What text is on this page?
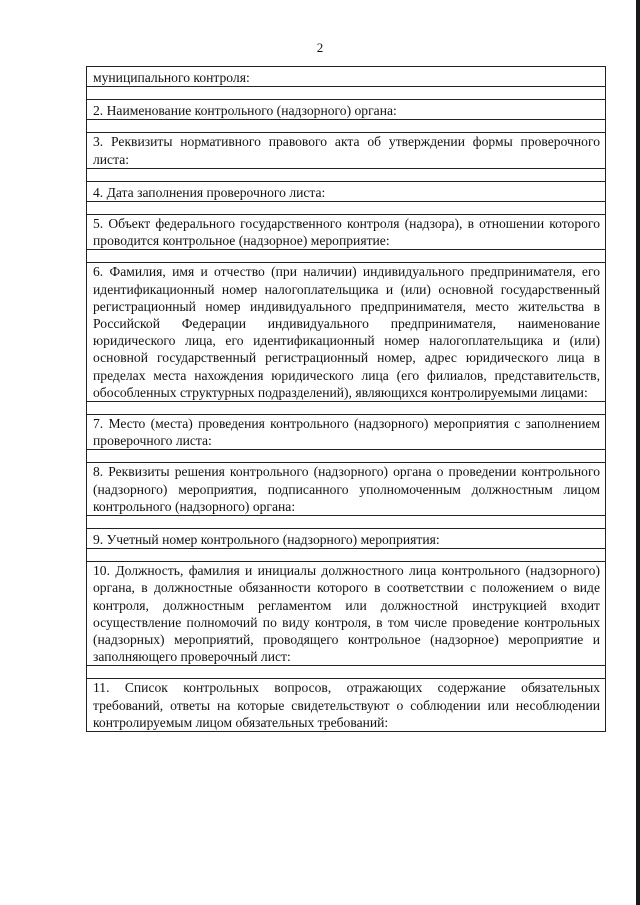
2
муниципального контроля:

2. Наименование контрольного (надзорного) органа:

3. Реквизиты нормативного правового акта об утверждении формы проверочного листа:

4. Дата заполнения проверочного листа:

5. Объект федерального государственного контроля (надзора), в отношении которого проводится контрольное (надзорное) мероприятие:

6. Фамилия, имя и отчество (при наличии) индивидуального предпринимателя, его идентификационный номер налогоплательщика и (или) основной государственный регистрационный номер индивидуального предпринимателя, место жительства в Российской Федерации индивидуального предпринимателя, наименование юридического лица, его идентификационный номер налогоплательщика и (или) основной государственный регистрационный номер, адрес юридического лица в пределах места нахождения юридического лица (его филиалов, представительств, обособленных структурных подразделений), являющихся контролируемыми лицами:

7. Место (места) проведения контрольного (надзорного) мероприятия с заполнением проверочного листа:

8. Реквизиты решения контрольного (надзорного) органа о проведении контрольного (надзорного) мероприятия, подписанного уполномоченным должностным лицом контрольного (надзорного) органа:

9. Учетный номер контрольного (надзорного) мероприятия:

10. Должность, фамилия и инициалы должностного лица контрольного (надзорного) органа, в должностные обязанности которого в соответствии с положением о виде контроля, должностным регламентом или должностной инструкцией входит осуществление полномочий по виду контроля, в том числе проведение контрольных (надзорных) мероприятий, проводящего контрольное (надзорное) мероприятие и заполняющего проверочный лист:

11. Список контрольных вопросов, отражающих содержание обязательных требований, ответы на которые свидетельствуют о соблюдении или несоблюдении контролируемым лицом обязательных требований:
